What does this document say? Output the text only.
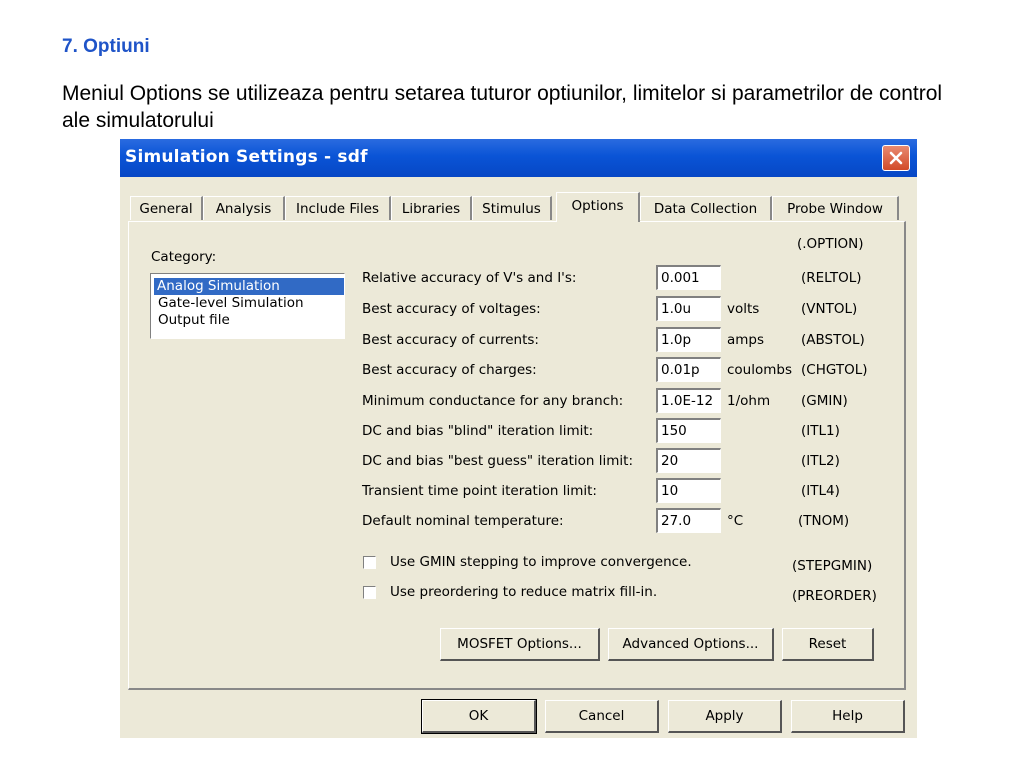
7. Optiuni
Meniul Options se utilizeaza pentru setarea tuturor optiunilor, limitelor si parametrilor de control ale simulatorului
Simulation Settings - sdf
General	Analysis	Include Files	Libraries	Stimulus	Options	Data Collection	Probe Window
Category:
Analog Simulation
Gate-level Simulation
Output file
(.OPTION)
Relative accuracy of V's and I's:	0.001	(RELTOL)
Best accuracy of voltages:	1.0u	volts	(VNTOL)
Best accuracy of currents:	1.0p	amps	(ABSTOL)
Best accuracy of charges:	0.01p	coulombs (CHGTOL)
Minimum conductance for any branch:	1.0E-12	1/ohm (GMIN)
DC and bias "blind" iteration limit:	150	(ITL1)
DC and bias "best guess" iteration limit:	20	(ITL2)
Transient time point iteration limit:	10	(ITL4)
Default nominal temperature:	27.0	°C	(TNOM)
Use GMIN stepping to improve convergence.	(STEPGMIN)
Use preordering to reduce matrix fill-in.	(PREORDER)
MOSFET Options...	Advanced Options...	Reset
OK	Cancel	Apply	Help
